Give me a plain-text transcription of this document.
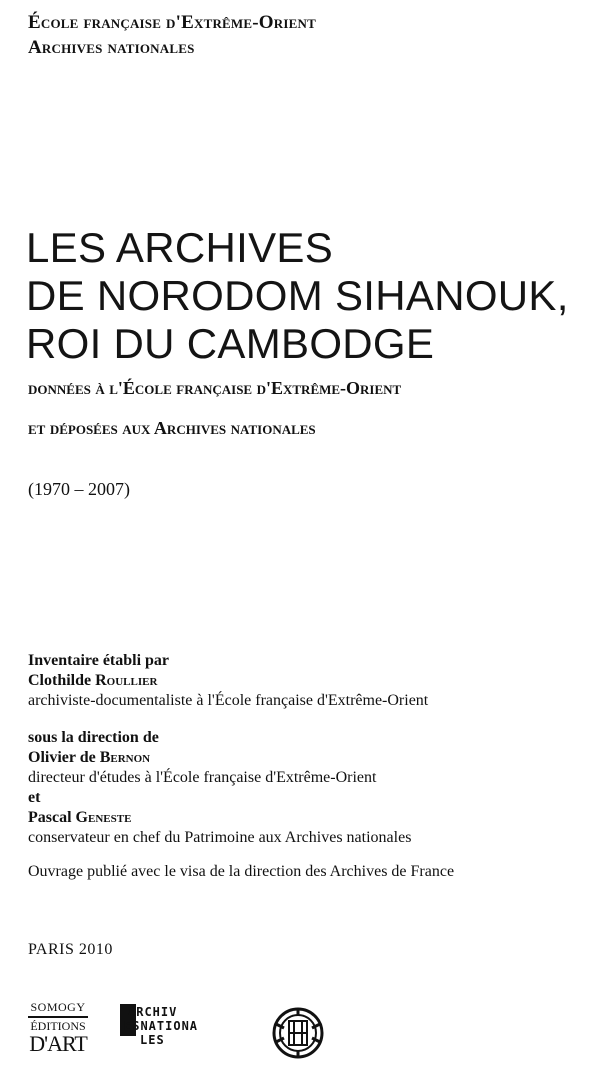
École française d'Extrême-Orient
Archives nationales
LES ARCHIVES
DE NORODOM SIHANOUK,
ROI DU CAMBODGE
données à l'École française d'Extrême-Orient
et déposées aux Archives nationales
(1970 – 2007)
Inventaire établi par
Clothilde Roullier
archiviste-documentaliste à l'École française d'Extrême-Orient
sous la direction de
Olivier de Bernon
directeur d'études à l'École française d'Extrême-Orient
et
Pascal Geneste
conservateur en chef du Patrimoine aux Archives nationales
Ouvrage publié avec le visa de la direction des Archives de France
PARIS 2010
SOMOGY
ÉDITIONS
D'ART
ARCHIV
ESNATIONA
LES
